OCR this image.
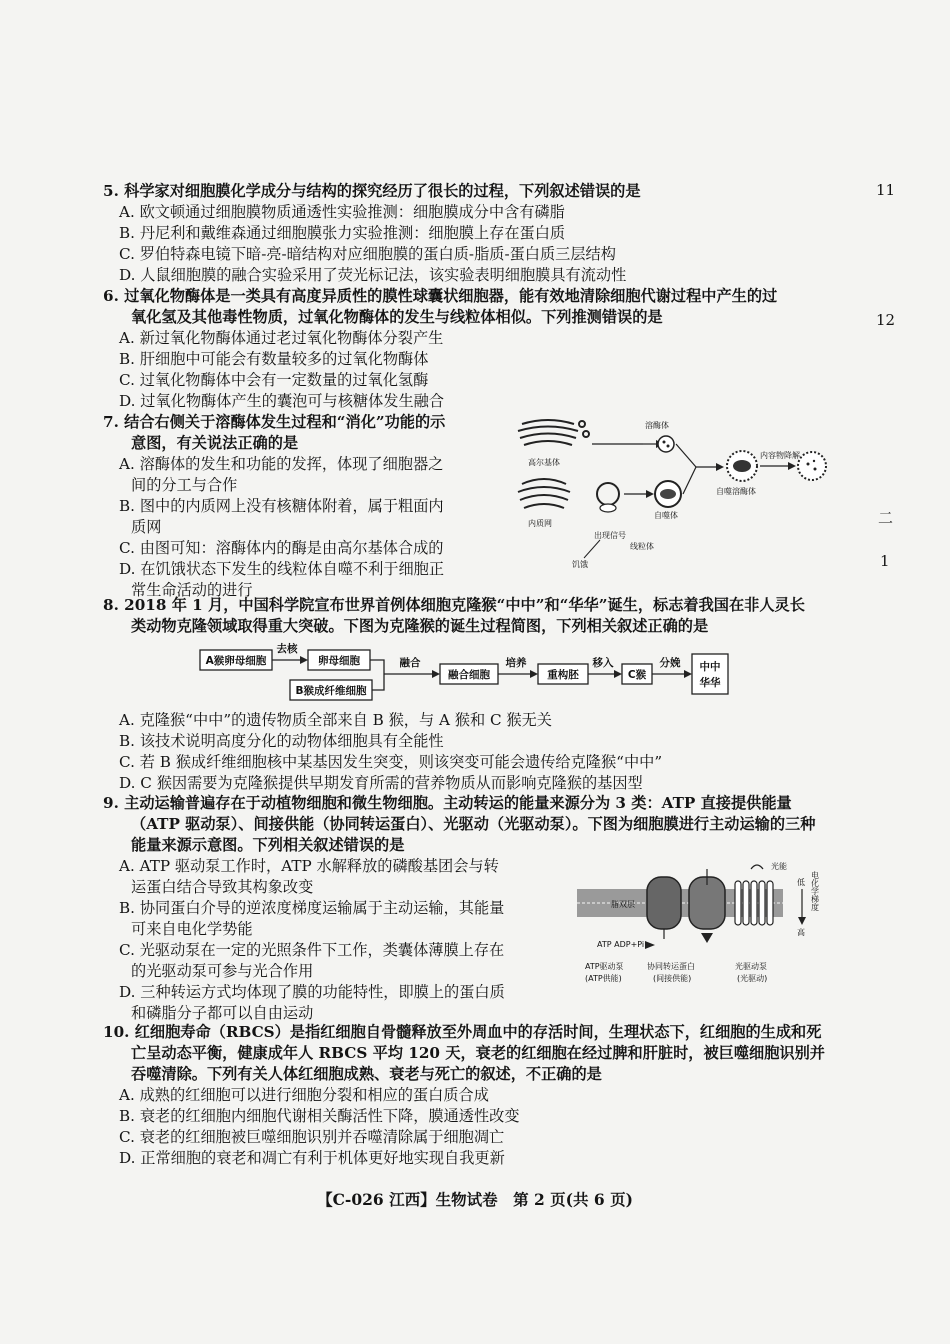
11
12
二
1
5. 科学家对细胞膜化学成分与结构的探究经历了很长的过程，下列叙述错误的是
A. 欧文顿通过细胞膜物质通透性实验推测：细胞膜成分中含有磷脂
B. 丹尼利和戴维森通过细胞膜张力实验推测：细胞膜上存在蛋白质
C. 罗伯特森电镜下暗-亮-暗结构对应细胞膜的蛋白质-脂质-蛋白质三层结构
D. 人鼠细胞膜的融合实验采用了荧光标记法，该实验表明细胞膜具有流动性
6. 过氧化物酶体是一类具有高度异质性的膜性球囊状细胞器，能有效地清除细胞代谢过程中产生的过
氧化氢及其他毒性物质，过氧化物酶体的发生与线粒体相似。下列推测错误的是
A. 新过氧化物酶体通过老过氧化物酶体分裂产生
B. 肝细胞中可能会有数量较多的过氧化物酶体
C. 过氧化物酶体中会有一定数量的过氧化氢酶
D. 过氧化物酶体产生的囊泡可与核糖体发生融合
7. 结合右侧关于溶酶体发生过程和“消化”功能的示
意图，有关说法正确的是
A. 溶酶体的发生和功能的发挥，体现了细胞器之
间的分工与合作
B. 图中的内质网上没有核糖体附着，属于粗面内
质网
C. 由图可知：溶酶体内的酶是由高尔基体合成的
D. 在饥饿状态下发生的线粒体自噬不利于细胞正
常生命活动的进行
高尔基体
内质网
溶酶体
出现信号
线粒体
饥饿
自噬体
自噬溶酶体
内容物降解
8. 2018 年 1 月，中国科学院宣布世界首例体细胞克隆猴“中中”和“华华”诞生，标志着我国在非人灵长
类动物克隆领域取得重大突破。下图为克隆猴的诞生过程简图，下列相关叙述正确的是
A猴卵母细胞
去核
卵母细胞
B猴成纤维细胞
融合
融合细胞
培养
重构胚
移入
C猴
分娩 中中
华华
A. 克隆猴“中中”的遗传物质全部来自 B 猴，与 A 猴和 C 猴无关
B. 该技术说明高度分化的动物体细胞具有全能性
C. 若 B 猴成纤维细胞核中某基因发生突变，则该突变可能会遗传给克隆猴“中中”
D. C 猴因需要为克隆猴提供早期发育所需的营养物质从而影响克隆猴的基因型
9. 主动运输普遍存在于动植物细胞和微生物细胞。主动转运的能量来源分为 3 类：ATP 直接提供能量
（ATP 驱动泵）、间接供能（协同转运蛋白）、光驱动（光驱动泵）。下图为细胞膜进行主动运输的三种
能量来源示意图。下列相关叙述错误的是
A. ATP 驱动泵工作时，ATP 水解释放的磷酸基团会与转
运蛋白结合导致其构象改变
B. 协同蛋白介导的逆浓度梯度运输属于主动运输，其能量
可来自电化学势能
C. 光驱动泵在一定的光照条件下工作，类囊体薄膜上存在
的光驱动泵可参与光合作用
D. 三种转运方式均体现了膜的功能特性，即膜上的蛋白质
和磷脂分子都可以自由运动
脂双层
ATP ADP+Pi
光能
低
高
电化学梯度
ATP驱动泵
(ATP供能)
协同转运蛋白
(间接供能)
光驱动泵
(光驱动)
10. 红细胞寿命（RBCS）是指红细胞自骨髓释放至外周血中的存活时间，生理状态下，红细胞的生成和死
亡呈动态平衡，健康成年人 RBCS 平均 120 天，衰老的红细胞在经过脾和肝脏时，被巨噬细胞识别并
吞噬清除。下列有关人体红细胞成熟、衰老与死亡的叙述，不正确的是
A. 成熟的红细胞可以进行细胞分裂和相应的蛋白质合成
B. 衰老的红细胞内细胞代谢相关酶活性下降，膜通透性改变
C. 衰老的红细胞被巨噬细胞识别并吞噬清除属于细胞凋亡
D. 正常细胞的衰老和凋亡有利于机体更好地实现自我更新
【C-026 江西】生物试卷　第 2 页(共 6 页)
